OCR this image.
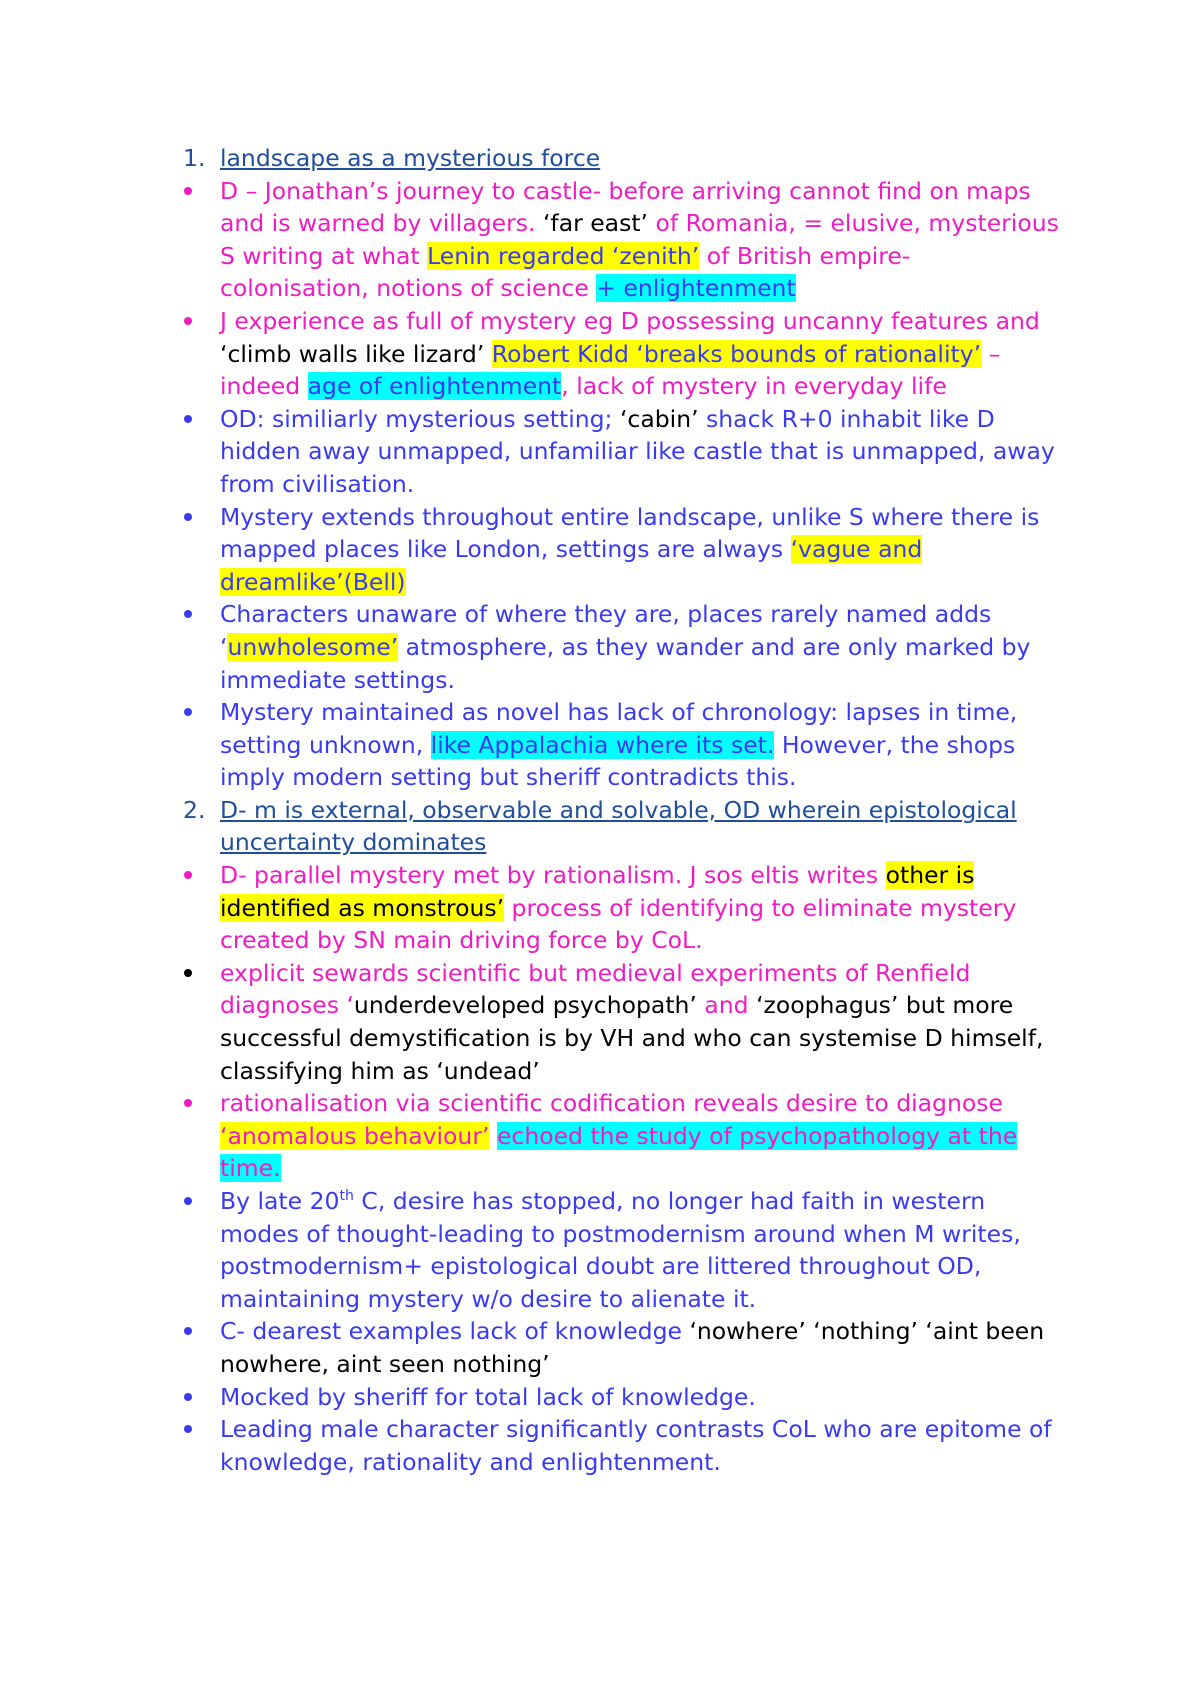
1. landscape as a mysterious force
D – Jonathan’s journey to castle- before arriving cannot find on maps and is warned by villagers. ‘far east’ of Romania, = elusive, mysterious S writing at what Lenin regarded ‘zenith’ of British empire- colonisation, notions of science + enlightenment
J experience as full of mystery eg D possessing uncanny features and ‘climb walls like lizard’ Robert Kidd ‘breaks bounds of rationality’ – indeed age of enlightenment, lack of mystery in everyday life
OD: similiarly mysterious setting; ‘cabin’ shack R+0 inhabit like D hidden away unmapped, unfamiliar like castle that is unmapped, away from civilisation.
Mystery extends throughout entire landscape, unlike S where there is mapped places like London, settings are always ‘vague and dreamlike’(Bell)
Characters unaware of where they are, places rarely named adds ‘unwholesome’ atmosphere, as they wander and are only marked by immediate settings.
Mystery maintained as novel has lack of chronology: lapses in time, setting unknown, like Appalachia where its set. However, the shops imply modern setting but sheriff contradicts this.
2. D- m is external, observable and solvable, OD wherein epistological uncertainty dominates
D- parallel mystery met by rationalism. J sos eltis writes other is identified as monstrous’ process of identifying to eliminate mystery created by SN main driving force by CoL.
explicit sewards scientific but medieval experiments of Renfield diagnoses ‘underdeveloped psychopath’ and ‘zoophagus’ but more successful demystification is by VH and who can systemise D himself, classifying him as ‘undead’
rationalisation via scientific codification reveals desire to diagnose ‘anomalous behaviour’ echoed the study of psychopathology at the time.
By late 20th C, desire has stopped, no longer had faith in western modes of thought-leading to postmodernism around when M writes, postmodernism+ epistological doubt are littered throughout OD, maintaining mystery w/o desire to alienate it.
C- dearest examples lack of knowledge ‘nowhere’ ‘nothing’ ‘aint been nowhere, aint seen nothing’
Mocked by sheriff for total lack of knowledge.
Leading male character significantly contrasts CoL who are epitome of knowledge, rationality and enlightenment.
